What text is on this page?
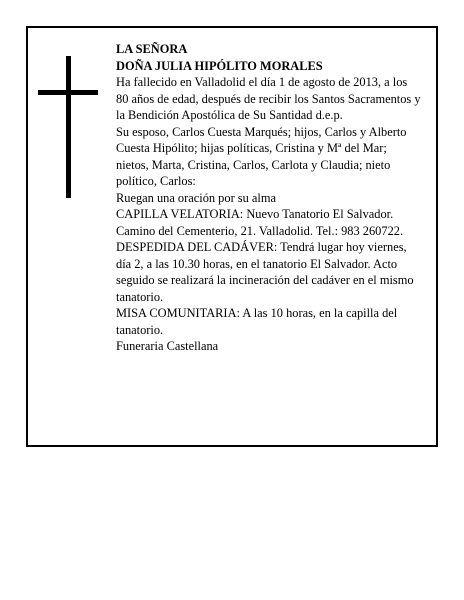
LA SEÑORA

DOÑA JULIA HIPÓLITO MORALES

Ha fallecido en Valladolid el día 1 de agosto de 2013, a los 80 años de edad, después de recibir los Santos Sacramentos y la Bendición Apostólica de Su Santidad d.e.p.

Su esposo, Carlos Cuesta Marqués; hijos, Carlos y Alberto Cuesta Hipólito; hijas políticas, Cristina y Mª del Mar; nietos, Marta, Cristina, Carlos, Carlota y Claudia; nieto político, Carlos:

Ruegan una oración por su alma

CAPILLA VELATORIA: Nuevo Tanatorio El Salvador. Camino del Cementerio, 21. Valladolid. Tel.: 983 260722.

DESPEDIDA DEL CADÁVER: Tendrá lugar hoy viernes, día 2, a las 10.30 horas, en el tanatorio El Salvador. Acto seguido se realizará la incineración del cadáver en el mismo tanatorio.

MISA COMUNITARIA: A las 10 horas, en la capilla del tanatorio.

Funeraria Castellana
